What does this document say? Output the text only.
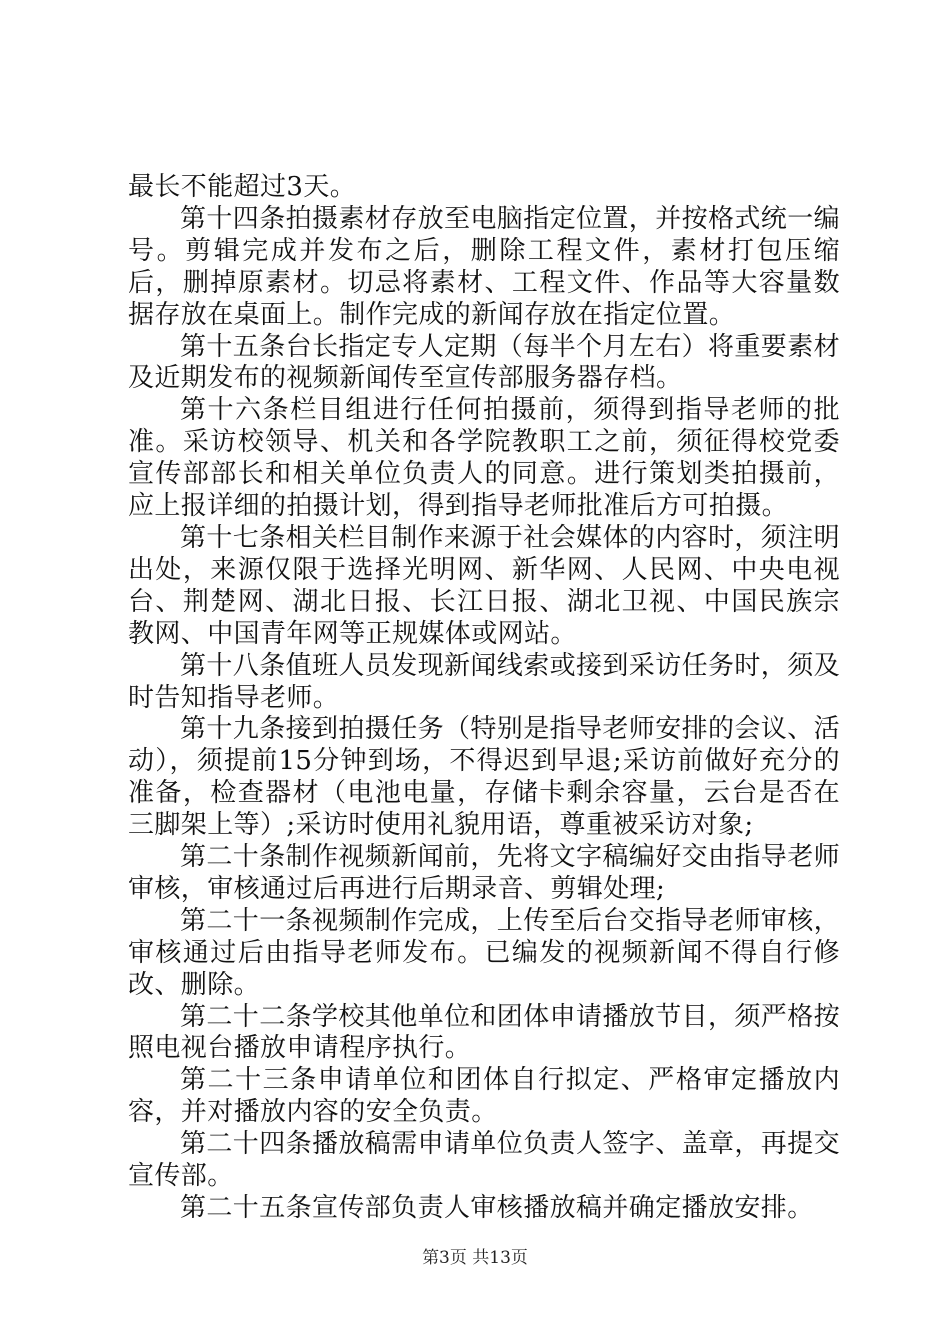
最长不能超过3天。

第十四条拍摄素材存放至电脑指定位置，并按格式统一编号。剪辑完成并发布之后，删除工程文件，素材打包压缩后，删掉原素材。切忌将素材、工程文件、作品等大容量数据存放在桌面上。制作完成的新闻存放在指定位置。

第十五条台长指定专人定期（每半个月左右）将重要素材及近期发布的视频新闻传至宣传部服务器存档。

第十六条栏目组进行任何拍摄前，须得到指导老师的批准。采访校领导、机关和各学院教职工之前，须征得校党委宣传部部长和相关单位负责人的同意。进行策划类拍摄前，应上报详细的拍摄计划，得到指导老师批准后方可拍摄。

第十七条相关栏目制作来源于社会媒体的内容时，须注明出处，来源仅限于选择光明网、新华网、人民网、中央电视台、荆楚网、湖北日报、长江日报、湖北卫视、中国民族宗教网、中国青年网等正规媒体或网站。

第十八条值班人员发现新闻线索或接到采访任务时，须及时告知指导老师。

第十九条接到拍摄任务（特别是指导老师安排的会议、活动），须提前15分钟到场，不得迟到早退;采访前做好充分的准备，检查器材（电池电量，存储卡剩余容量，云台是否在三脚架上等）;采访时使用礼貌用语，尊重被采访对象;

第二十条制作视频新闻前，先将文字稿编好交由指导老师审核，审核通过后再进行后期录音、剪辑处理;

第二十一条视频制作完成，上传至后台交指导老师审核，审核通过后由指导老师发布。已编发的视频新闻不得自行修改、删除。

第二十二条学校其他单位和团体申请播放节目，须严格按照电视台播放申请程序执行。

第二十三条申请单位和团体自行拟定、严格审定播放内容，并对播放内容的安全负责。

第二十四条播放稿需申请单位负责人签字、盖章，再提交宣传部。

第二十五条宣传部负责人审核播放稿并确定播放安排。

第3页 共13页
